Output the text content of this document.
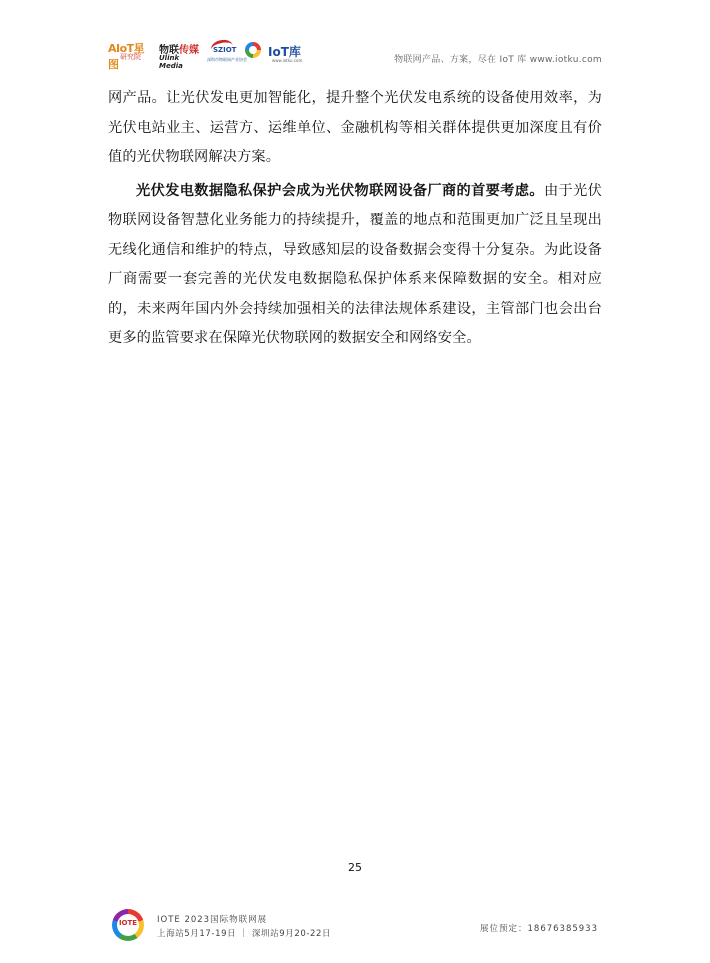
AIoT星图
研究院
物联传媒
Ulink Media
SZIOT
深圳市物联网产业协会
IoT库
www.iotku.com	物联网产品、方案，尽在 IoT 库 www.iotku.com

网产品。让光伏发电更加智能化，提升整个光伏发电系统的设备使用效率，为光伏电站业主、运营方、运维单位、金融机构等相关群体提供更加深度且有价值的光伏物联网解决方案。

光伏发电数据隐私保护会成为光伏物联网设备厂商的首要考虑。由于光伏物联网设备智慧化业务能力的持续提升，覆盖的地点和范围更加广泛且呈现出无线化通信和维护的特点，导致感知层的设备数据会变得十分复杂。为此设备厂商需要一套完善的光伏发电数据隐私保护体系来保障数据的安全。相对应的，未来两年国内外会持续加强相关的法律法规体系建设，主管部门也会出台更多的监管要求在保障光伏物联网的数据安全和网络安全。

25
IOTE	IOTE 2023国际物联网展
上海站5月17-19日 ｜ 深圳站9月20-22日	展位预定：18676385933
